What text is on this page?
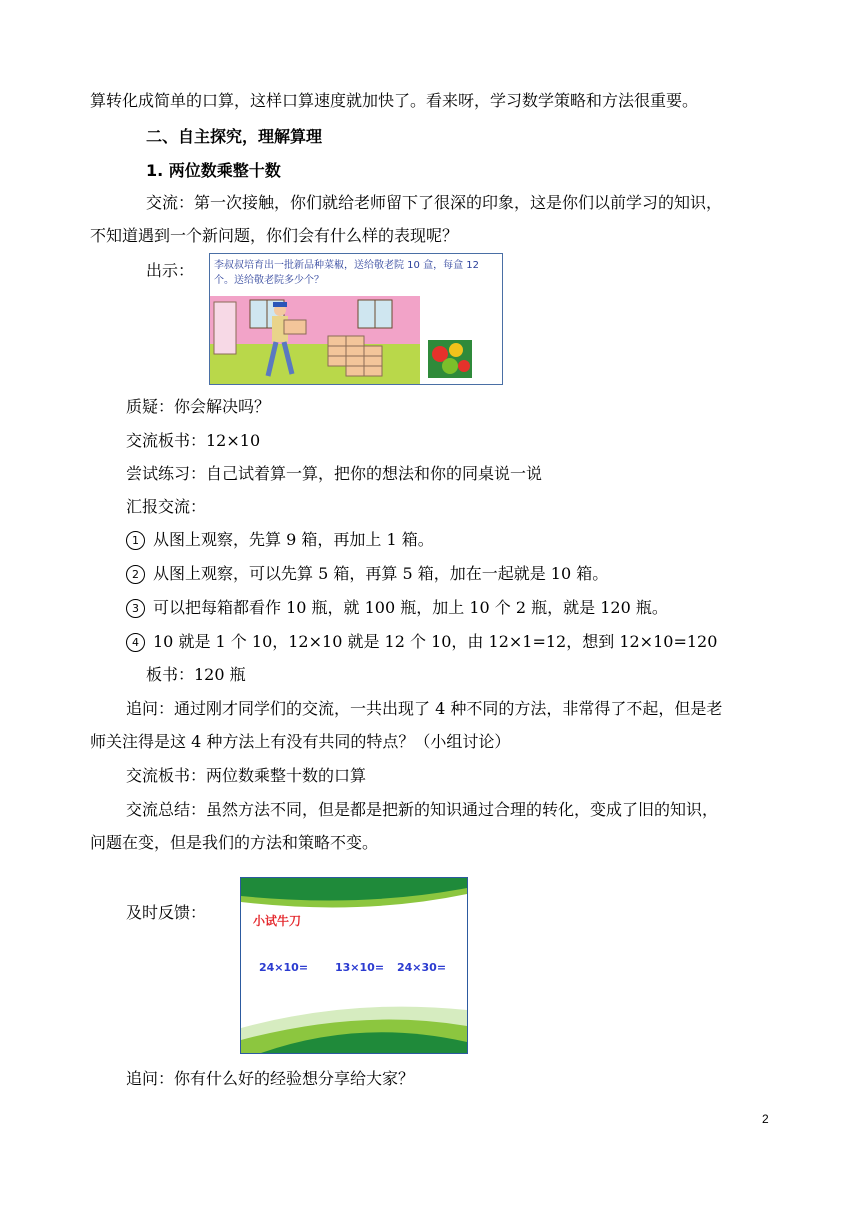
算转化成简单的口算，这样口算速度就加快了。看来呀，学习数学策略和方法很重要。
二、自主探究，理解算理
1. 两位数乘整十数
交流：第一次接触，你们就给老师留下了很深的印象，这是你们以前学习的知识，
不知道遇到一个新问题，你们会有什么样的表现呢？
出示： 李叔叔培育出一批新品种菜椒，送给敬老院 10 盒，每盒 12 个。送给敬老院多少个？
质疑：你会解决吗？
交流板书：12×10
尝试练习：自己试着算一算，把你的想法和你的同桌说一说
汇报交流：
1 从图上观察，先算 9 箱，再加上 1 箱。
2 从图上观察，可以先算 5 箱，再算 5 箱，加在一起就是 10 箱。
3 可以把每箱都看作 10 瓶，就 100 瓶，加上 10 个 2 瓶，就是 120 瓶。
4 10 就是 1 个 10，12×10 就是 12 个 10，由 12×1=12，想到 12×10=120
板书：120 瓶
追问：通过刚才同学们的交流，一共出现了 4 种不同的方法，非常得了不起，但是老
师关注得是这 4 种方法上有没有共同的特点？（小组讨论）
交流板书：两位数乘整十数的口算
交流总结：虽然方法不同，但是都是把新的知识通过合理的转化，变成了旧的知识，
问题在变，但是我们的方法和策略不变。
及时反馈：	小试牛刀
24×10= 13×10= 24×30=
追问：你有什么好的经验想分享给大家？
2
